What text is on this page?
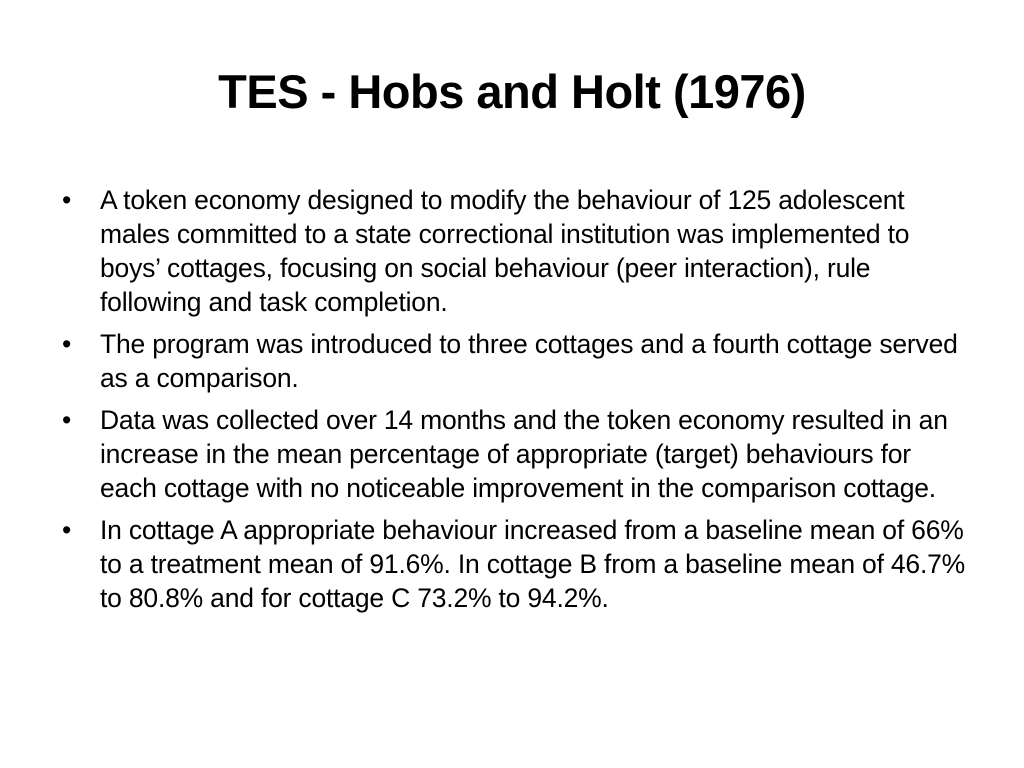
TES - Hobs and Holt (1976)
•	A token economy designed to modify the behaviour of 125 adolescent males committed to a state correctional institution was implemented to boys’ cottages, focusing on social behaviour (peer interaction), rule following and task completion.
•	The program was introduced to three cottages and a fourth cottage served as a comparison.
•	Data was collected over 14 months and the token economy resulted in an increase in the mean percentage of appropriate (target) behaviours for each cottage with no noticeable improvement in the comparison cottage.
•	In cottage A appropriate behaviour increased from a baseline mean of 66% to a treatment mean of 91.6%. In cottage B from a baseline mean of 46.7% to 80.8% and for cottage C 73.2% to 94.2%.
